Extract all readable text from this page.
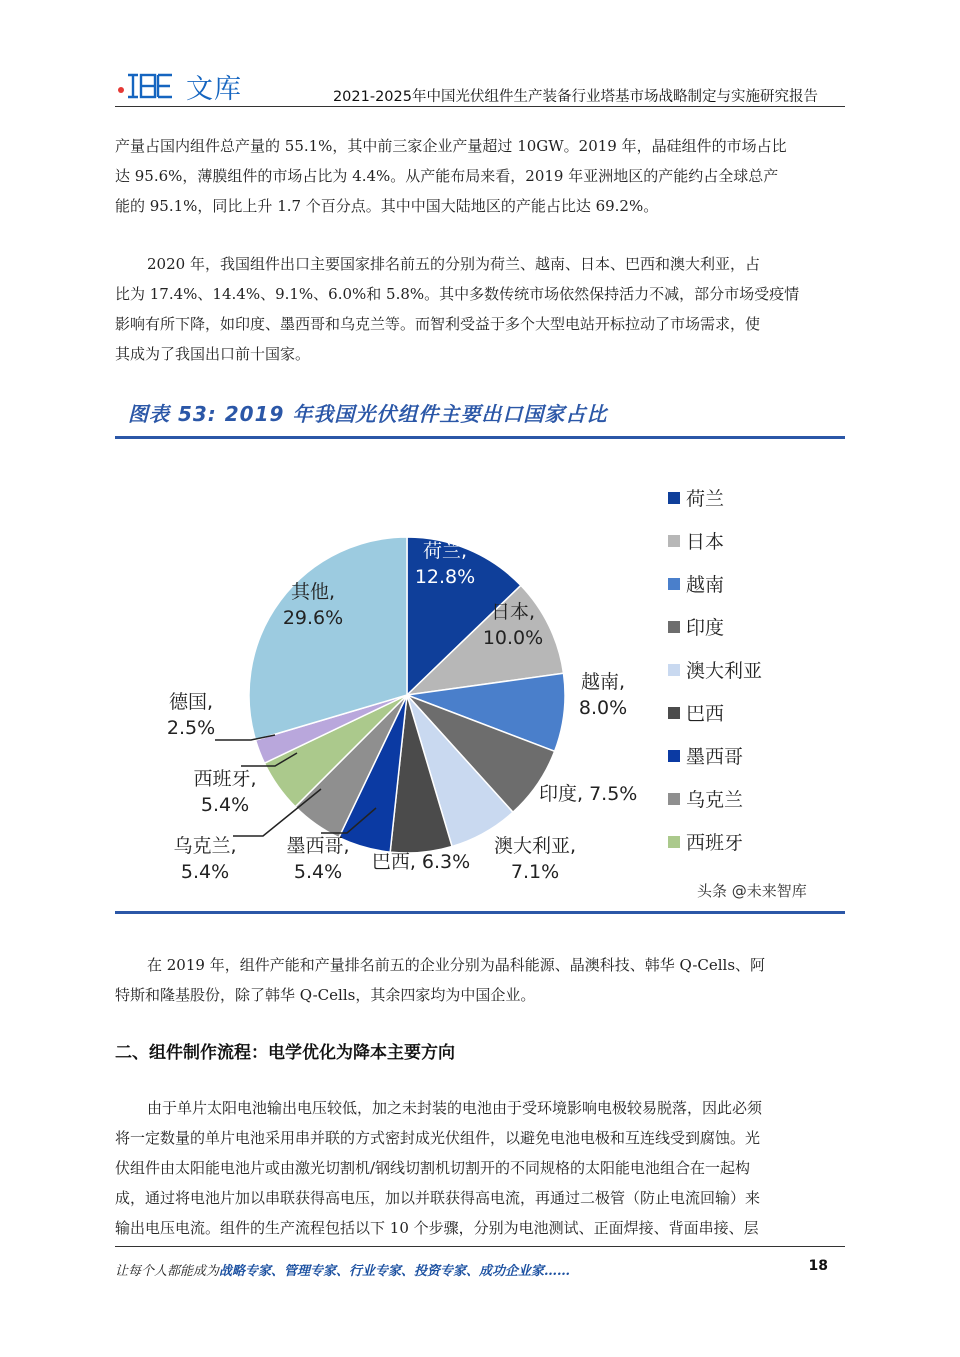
文库	2021-2025年中国光伏组件生产装备行业塔基市场战略制定与实施研究报告

产量占国内组件总产量的 55.1%，其中前三家企业产量超过 10GW。2019 年，晶硅组件的市场占比
达 95.6%，薄膜组件的市场占比为 4.4%。从产能布局来看，2019 年亚洲地区的产能约占全球总产
能的 95.1%，同比上升 1.7 个百分点。其中中国大陆地区的产能占比达 69.2%。

2020 年，我国组件出口主要国家排名前五的分别为荷兰、越南、日本、巴西和澳大利亚，占
比为 17.4%、14.4%、9.1%、6.0%和 5.8%。其中多数传统市场依然保持活力不减，部分市场受疫情
影响有所下降，如印度、墨西哥和乌克兰等。而智利受益于多个大型电站开标拉动了市场需求，使
其成为了我国出口前十国家。

图表 53: 2019 年我国光伏组件主要出口国家占比
荷兰,
12.8%
日本,
10.0%
越南,
8.0%
印度, 7.5%
澳大利亚,
7.1%
巴西, 6.3%
墨西哥,
5.4%
乌克兰,
5.4%
西班牙,
5.4%
德国,
2.5%
其他,
29.6%
荷兰
日本
越南
印度
澳大利亚
巴西
墨西哥
乌克兰
西班牙
头条 @未来智库

在 2019 年，组件产能和产量排名前五的企业分别为晶科能源、晶澳科技、韩华 Q-Cells、阿
特斯和隆基股份，除了韩华 Q-Cells，其余四家均为中国企业。

二、组件制作流程：电学优化为降本主要方向

由于单片太阳电池输出电压较低，加之未封装的电池由于受环境影响电极较易脱落，因此必须
将一定数量的单片电池采用串并联的方式密封成光伏组件，以避免电池电极和互连线受到腐蚀。光
伏组件由太阳能电池片或由激光切割机/钢线切割机切割开的不同规格的太阳能电池组合在一起构
成，通过将电池片加以串联获得高电压，加以并联获得高电流，再通过二极管（防止电流回输）来
输出电压电流。组件的生产流程包括以下 10 个步骤，分别为电池测试、正面焊接、背面串接、层

让每个人都能成为战略专家、管理专家、行业专家、投资专家、成功企业家……	18
